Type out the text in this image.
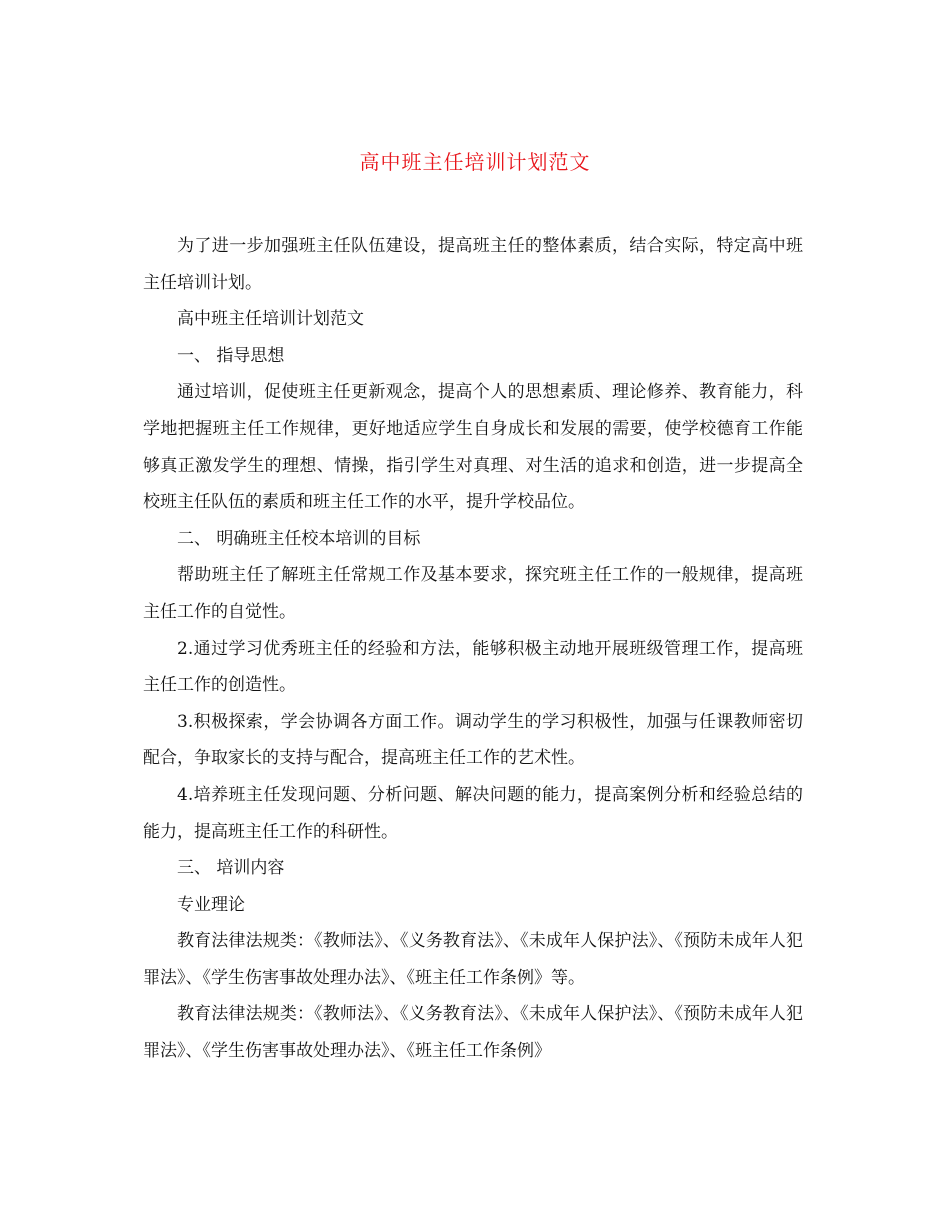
高中班主任培训计划范文

为了进一步加强班主任队伍建设，提高班主任的整体素质，结合实际，特定高中班主任培训计划。

高中班主任培训计划范文

一、 指导思想

通过培训，促使班主任更新观念，提高个人的思想素质、理论修养、教育能力，科学地把握班主任工作规律，更好地适应学生自身成长和发展的需要，使学校德育工作能够真正激发学生的理想、情操，指引学生对真理、对生活的追求和创造，进一步提高全校班主任队伍的素质和班主任工作的水平，提升学校品位。

二、 明确班主任校本培训的目标

帮助班主任了解班主任常规工作及基本要求，探究班主任工作的一般规律，提高班主任工作的自觉性。

2.通过学习优秀班主任的经验和方法，能够积极主动地开展班级管理工作，提高班主任工作的创造性。

3.积极探索，学会协调各方面工作。调动学生的学习积极性，加强与任课教师密切配合，争取家长的支持与配合，提高班主任工作的艺术性。

4.培养班主任发现问题、分析问题、解决问题的能力，提高案例分析和经验总结的能力，提高班主任工作的科研性。

三、 培训内容

专业理论

教育法律法规类：《教师法》、《义务教育法》、《未成年人保护法》、《预防未成年人犯罪法》、《学生伤害事故处理办法》、《班主任工作条例》等。

教育法律法规类：《教师法》、《义务教育法》、《未成年人保护法》、《预防未成年人犯罪法》、《学生伤害事故处理办法》、《班主任工作条例》
